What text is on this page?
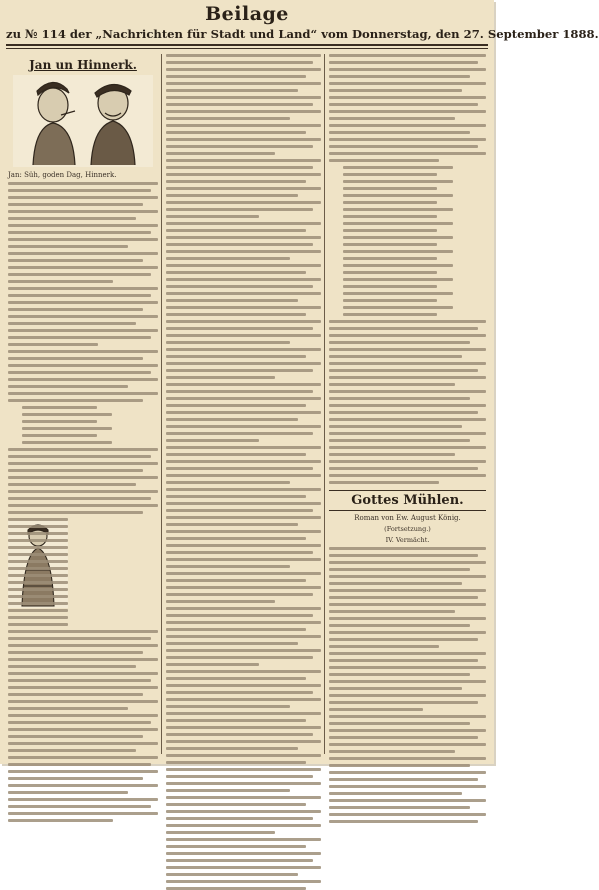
Beilage
zu № 114 der „Nachrichten für Stadt und Land“ vom Donnerstag, den 27. September 1888.
Jan un Hinnerk.
Jan: Süh, goden Dag, Hinnerk.
Gottes Mühlen.
Roman von Ew. August König.
(Fortsetzung.)
IV. Vermächt.
